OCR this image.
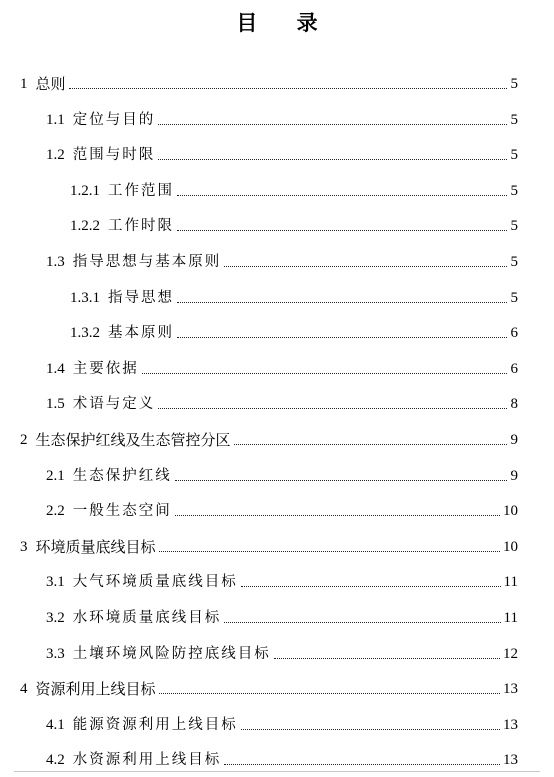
目 录
1 总则	5
1.1 定位与目的	5
1.2 范围与时限	5
1.2.1 工作范围	5
1.2.2 工作时限	5
1.3 指导思想与基本原则	5
1.3.1 指导思想	5
1.3.2 基本原则	6
1.4 主要依据	6
1.5 术语与定义	8
2 生态保护红线及生态管控分区	9
2.1 生态保护红线	9
2.2 一般生态空间	10
3 环境质量底线目标	10
3.1 大气环境质量底线目标	11
3.2 水环境质量底线目标	11
3.3 土壤环境风险防控底线目标	12
4 资源利用上线目标	13
4.1 能源资源利用上线目标	13
4.2 水资源利用上线目标	13
